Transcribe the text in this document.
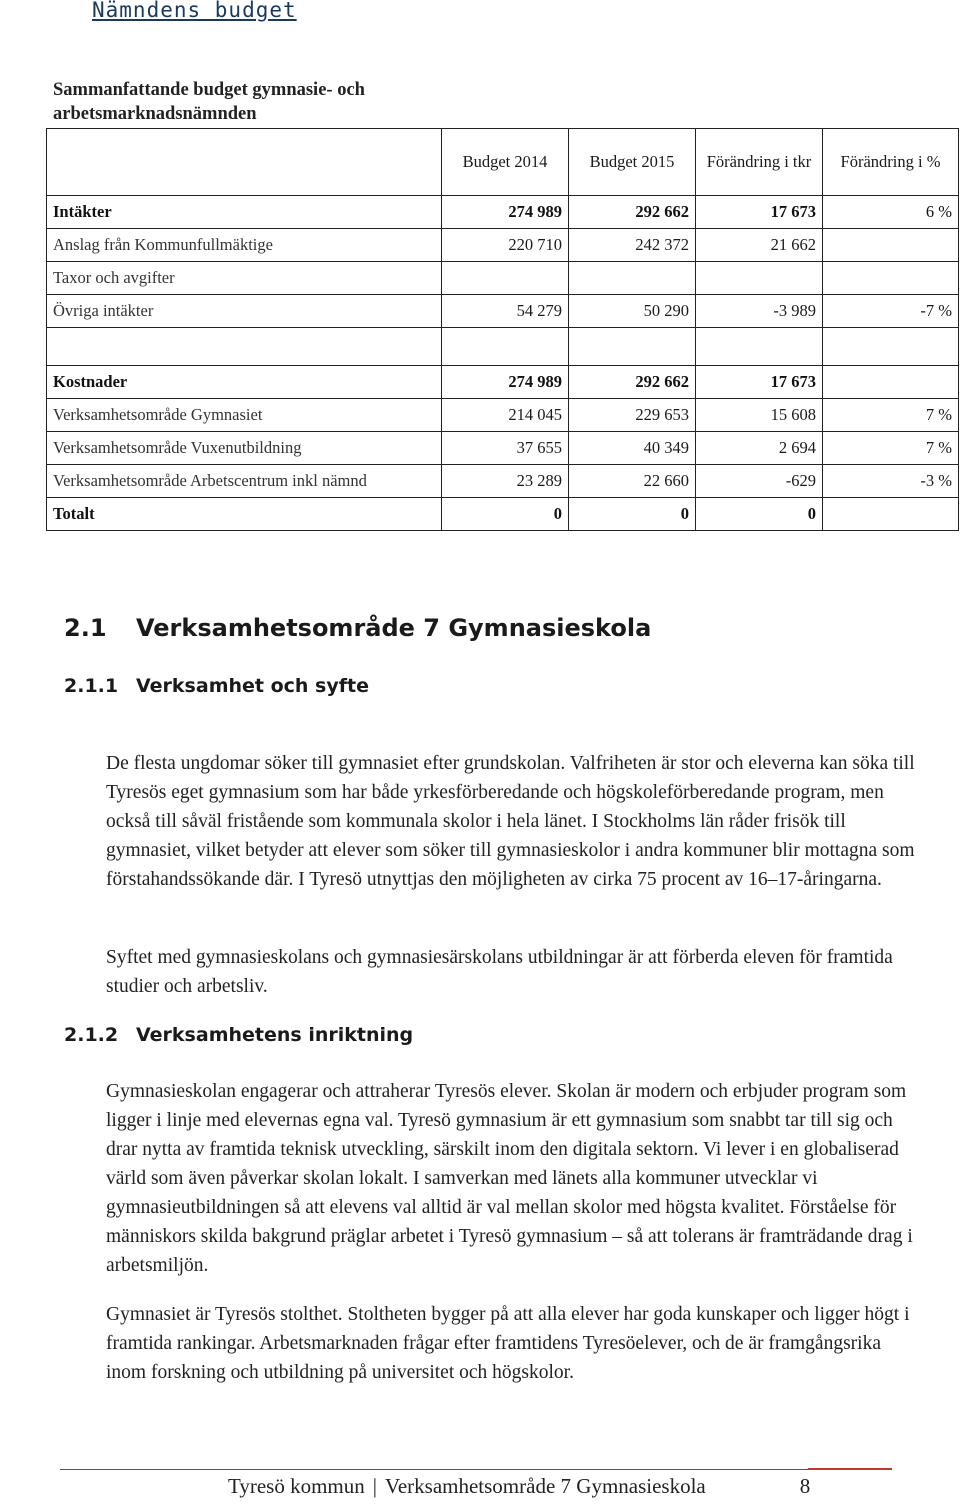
Nämndens budget
Sammanfattande budget gymnasie- och arbetsmarknadsnämnden
	Budget 2014	Budget 2015	Förändring i tkr	Förändring i %
Intäkter	274 989	292 662	17 673	6 %
Anslag från Kommunfullmäktige	220 710	242 372	21 662	
Taxor och avgifter				
Övriga intäkter	54 279	50 290	-3 989	-7 %

Kostnader	274 989	292 662	17 673	
Verksamhetsområde Gymnasiet	214 045	229 653	15 608	7 %
Verksamhetsområde Vuxenutbildning	37 655	40 349	2 694	7 %
Verksamhetsområde Arbetscentrum inkl nämnd	23 289	22 660	-629	-3 %
Totalt	0	0	0	
2.1 Verksamhetsområde 7 Gymnasieskola
2.1.1 Verksamhet och syfte

De flesta ungdomar söker till gymnasiet efter grundskolan. Valfriheten är stor och eleverna kan söka till Tyresös eget gymnasium som har både yrkesförberedande och högskoleförberedande program, men också till såväl fristående som kommunala skolor i hela länet. I Stockholms län råder frisök till gymnasiet, vilket betyder att elever som söker till gymnasieskolor i andra kommuner blir mottagna som förstahandssökande där. I Tyresö utnyttjas den möjligheten av cirka 75 procent av 16–17-åringarna.

Syftet med gymnasieskolans och gymnasiesärskolans utbildningar är att förberda eleven för framtida studier och arbetsliv.

2.1.2 Verksamhetens inriktning

Gymnasieskolan engagerar och attraherar Tyresös elever. Skolan är modern och erbjuder program som ligger i linje med elevernas egna val. Tyresö gymnasium är ett gymnasium som snabbt tar till sig och drar nytta av framtida teknisk utveckling, särskilt inom den digitala sektorn. Vi lever i en globaliserad värld som även påverkar skolan lokalt. I samverkan med länets alla kommuner utvecklar vi gymnasieutbildningen så att elevens val alltid är val mellan skolor med högsta kvalitet. Förståelse för människors skilda bakgrund präglar arbetet i Tyresö gymnasium – så att tolerans är framträdande drag i arbetsmiljön.

Gymnasiet är Tyresös stolthet. Stoltheten bygger på att alla elever har goda kunskaper och ligger högt i framtida rankingar. Arbetsmarknaden frågar efter framtidens Tyresöelever, och de är framgångsrika inom forskning och utbildning på universitet och högskolor.

Tyresö kommun | Verksamhetsområde 7 Gymnasieskola	8
